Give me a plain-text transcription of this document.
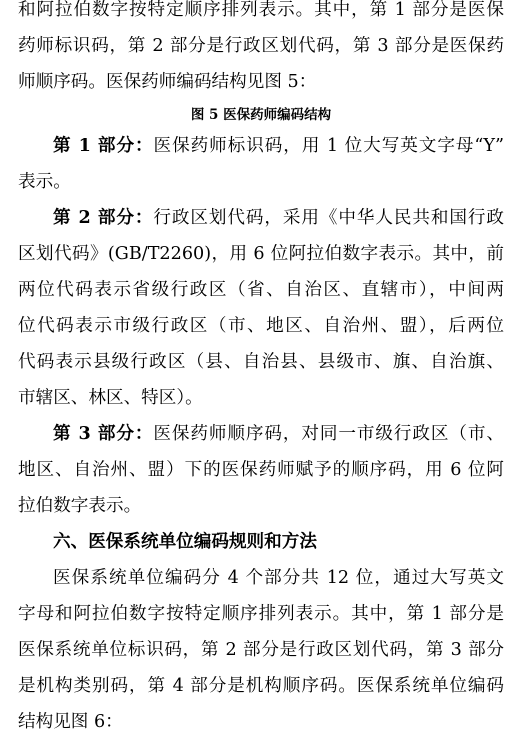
和阿拉伯数字按特定顺序排列表示。其中，第 1 部分是医保
药师标识码，第 2 部分是行政区划代码，第 3 部分是医保药
师顺序码。医保药师编码结构见图 5：
图 5 医保药师编码结构
第 1 部分：医保药师标识码，用 1 位大写英文字母“Y”
表示。
第 2 部分：行政区划代码，采用《中华人民共和国行政
区划代码》(GB/T2260)，用 6 位阿拉伯数字表示。其中，前
两位代码表示省级行政区（省、自治区、直辖市），中间两
位代码表示市级行政区（市、地区、自治州、盟），后两位
代码表示县级行政区（县、自治县、县级市、旗、自治旗、
市辖区、林区、特区）。
第 3 部分：医保药师顺序码，对同一市级行政区（市、
地区、自治州、盟）下的医保药师赋予的顺序码，用 6 位阿
拉伯数字表示。
六、医保系统单位编码规则和方法
医保系统单位编码分 4 个部分共 12 位，通过大写英文
字母和阿拉伯数字按特定顺序排列表示。其中，第 1 部分是
医保系统单位标识码，第 2 部分是行政区划代码，第 3 部分
是机构类别码，第 4 部分是机构顺序码。医保系统单位编码
结构见图 6：
